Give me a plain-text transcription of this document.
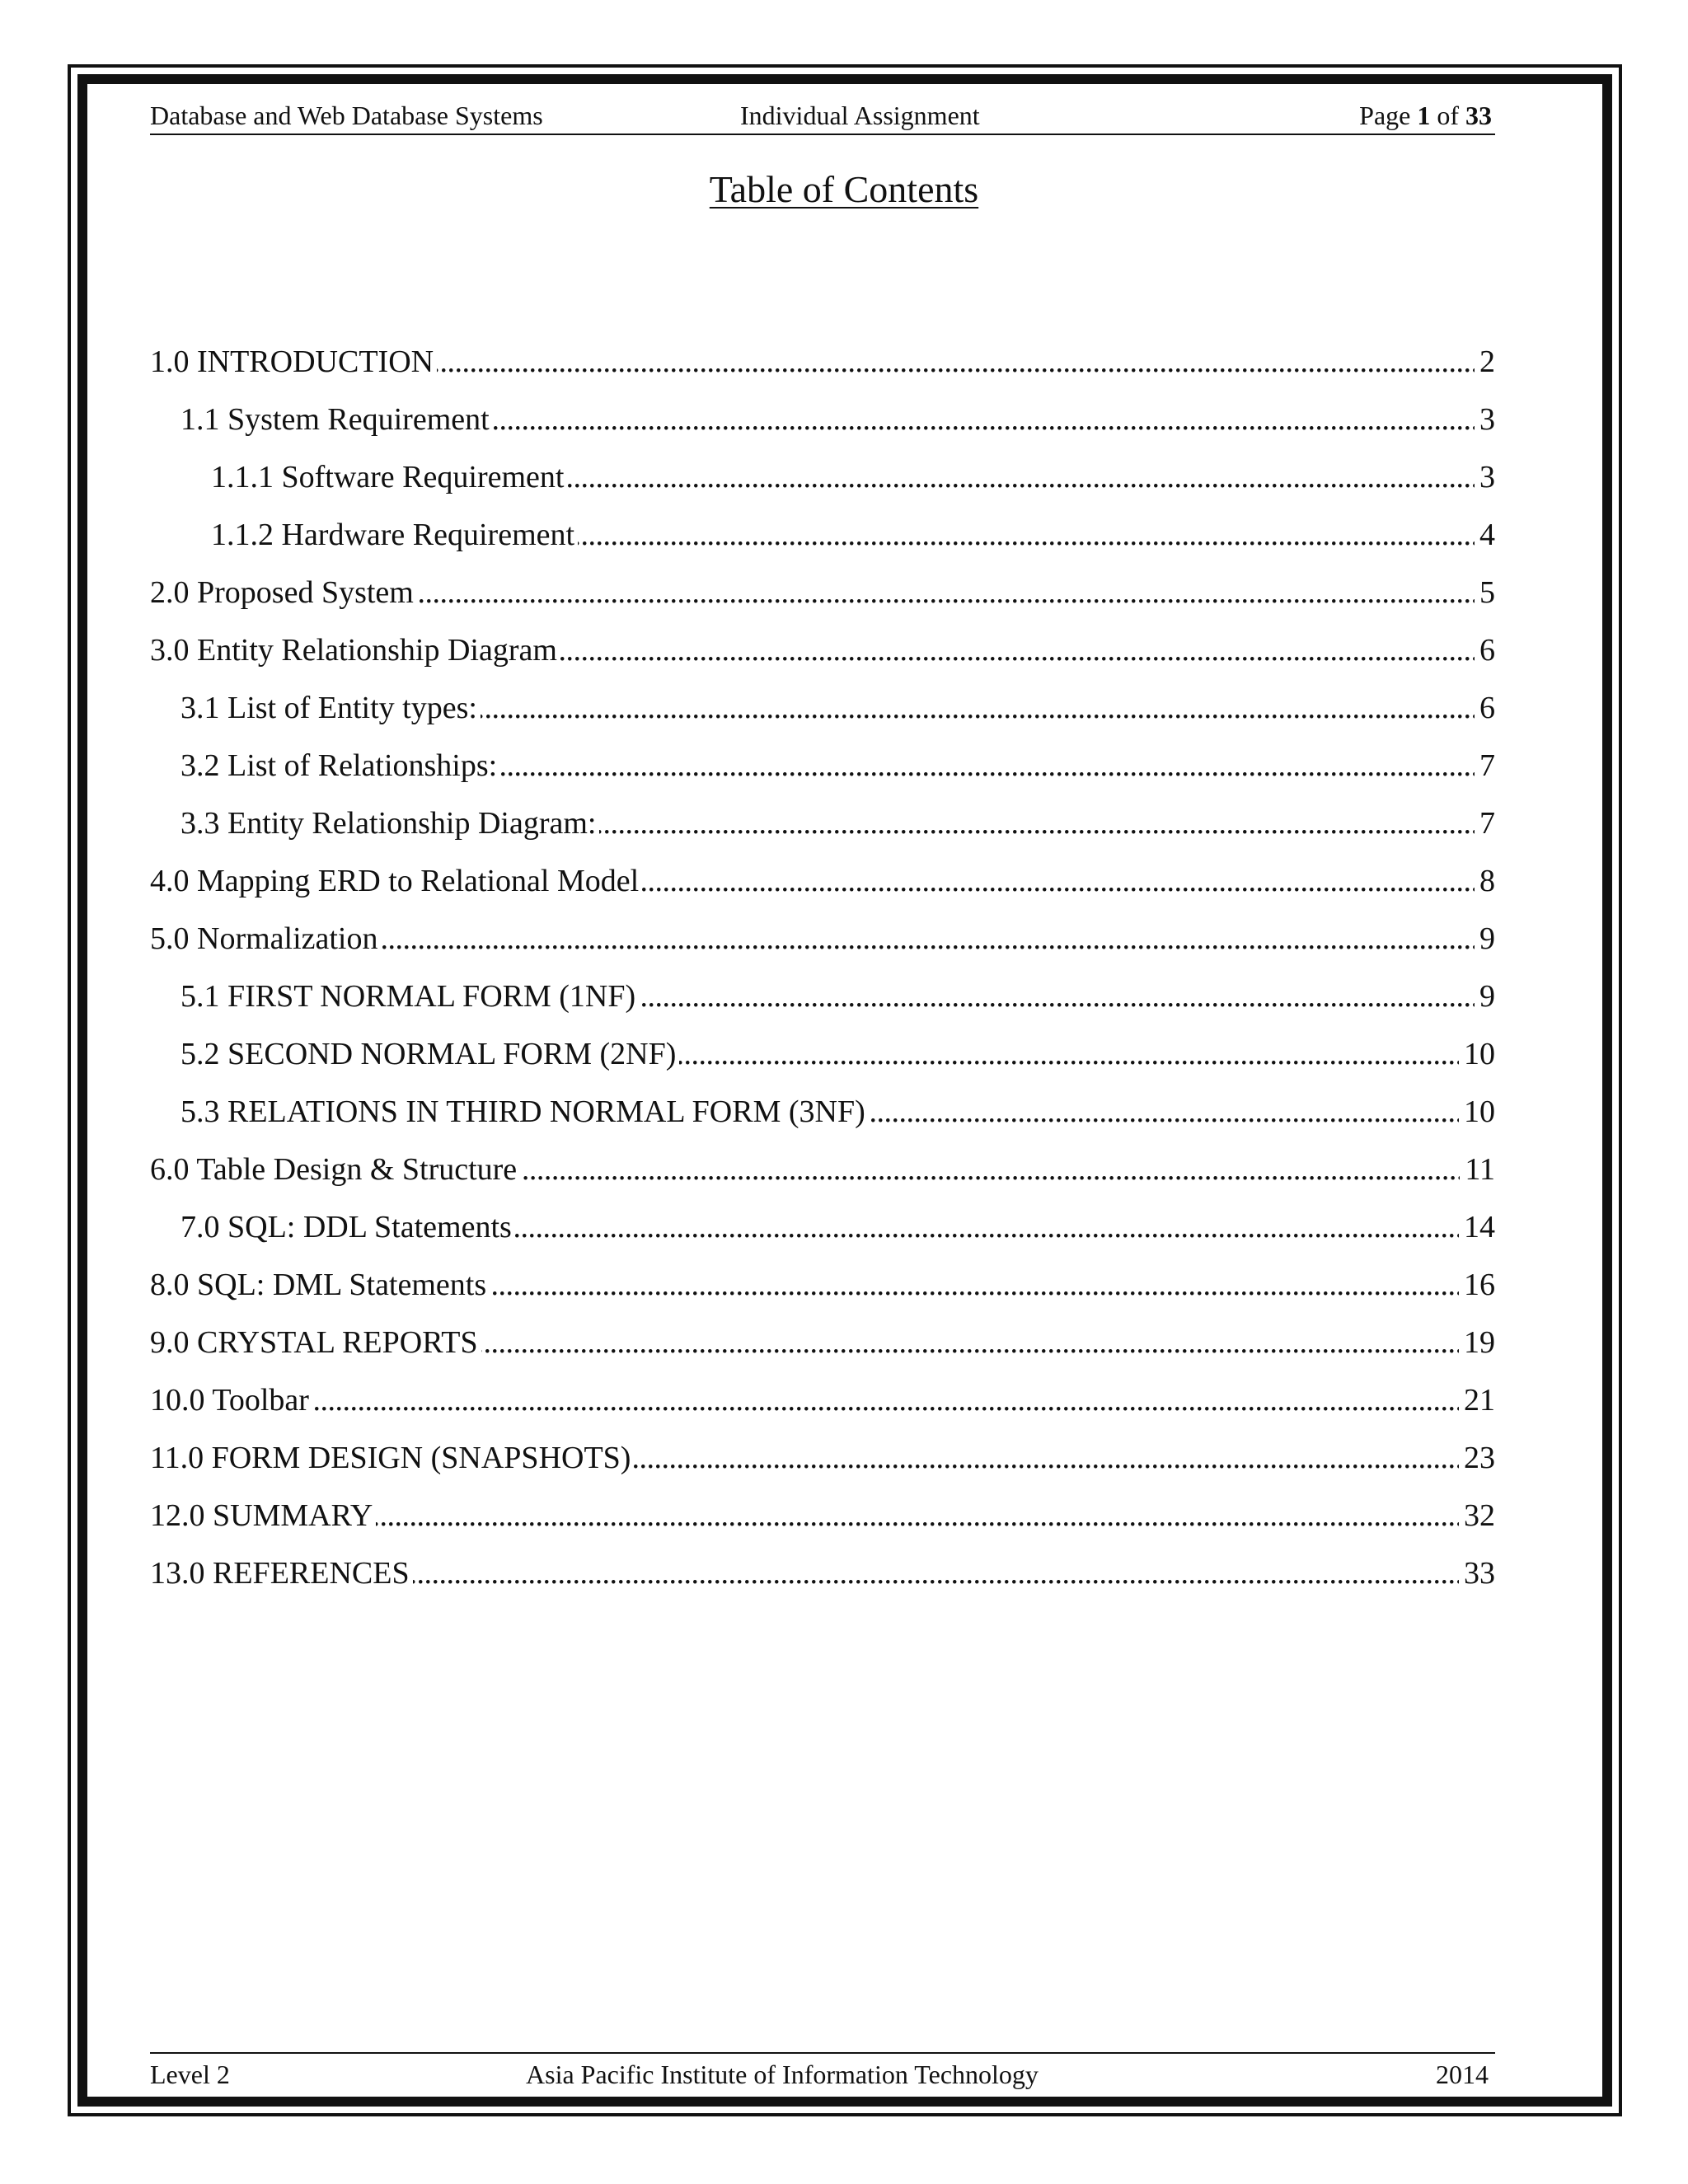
Database and Web Database Systems	Individual Assignment	Page 1 of 33
Table of Contents
1.0 INTRODUCTION . . .	2
1.1 System Requirement . . .	3
1.1.1 Software Requirement . . .	3
1.1.2 Hardware Requirement . . .	4
2.0 Proposed System . . .	5
3.0 Entity Relationship Diagram . . .	6
3.1 List of Entity types: . . .	6
3.2 List of Relationships: . . .	7
3.3 Entity Relationship Diagram: . . .	7
4.0 Mapping ERD to Relational Model . . .	8
5.0 Normalization . . .	9
5.1 FIRST NORMAL FORM (1NF) . . .	9
5.2 SECOND NORMAL FORM (2NF) . . .	10
5.3 RELATIONS IN THIRD NORMAL FORM (3NF) . . .	10
6.0 Table Design & Structure . . .	11
7.0 SQL: DDL Statements . . .	14
8.0 SQL: DML Statements . . .	16
9.0 CRYSTAL REPORTS . . .	19
10.0 Toolbar . . .	21
11.0 FORM DESIGN (SNAPSHOTS) . . .	23
12.0 SUMMARY . . .	32
13.0 REFERENCES . . .	33
Level 2	Asia Pacific Institute of Information Technology	2014
